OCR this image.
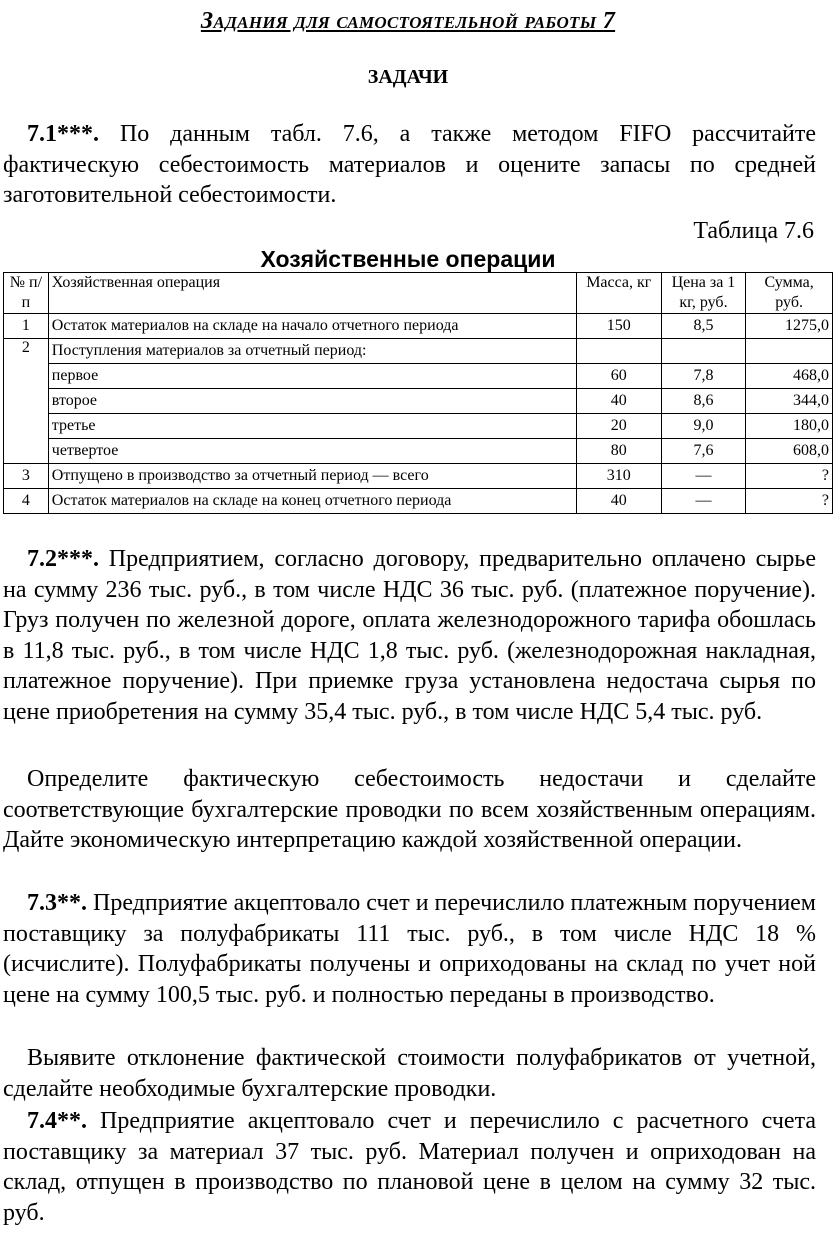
Задания для самостоятельной работы 7
ЗАДАЧИ

7.1***. По данным табл. 7.6, а также методом FIFO рассчитайте фактическую себестоимость материалов и оцените запасы по средней заготовительной себестоимости.

Таблица 7.6
Хозяйственные операции
№ п/п	Хозяйственная операция	Масса, кг	Цена за 1 кг, руб.	Сумма, руб.
1	Остаток материалов на складе на начало отчетного периода	150	8,5	1275,0
2	Поступления материалов за отчетный период:			
	первое	60	7,8	468,0
	второе	40	8,6	344,0
	третье	20	9,0	180,0
	четвертое	80	7,6	608,0
3	Отпущено в производство за отчетный период — всего	310	—	?
4	Остаток материалов на складе на конец отчетного периода	40	—	?

7.2***. Предприятием, согласно договору, предварительно оплачено сырье на сумму 236 тыс. руб., в том числе НДС 36 тыс. руб. (платежное поручение). Груз получен по железной дороге, оплата железнодорожного тарифа обошлась в 11,8 тыс. руб., в том числе НДС 1,8 тыс. руб. (железнодорожная накладная, платежное поручение). При приемке груза установлена недостача сырья по цене приобретения на сумму 35,4 тыс. руб., в том числе НДС 5,4 тыс. руб.

Определите фактическую себестоимость недостачи и сделайте соответствующие бухгалтерские проводки по всем хозяйственным операциям. Дайте экономическую интерпретацию каждой хозяйственной операции.

7.3**. Предприятие акцептовало счет и перечислило платежным поручением поставщику за полуфабрикаты 111 тыс. руб., в том числе НДС 18 % (исчислите). Полуфабрикаты получены и оприходованы на склад по учет ной цене на сумму 100,5 тыс. руб. и полностью переданы в производство.

Выявите отклонение фактической стоимости полуфабрикатов от учетной, сделайте необходимые бухгалтерские проводки.

7.4**. Предприятие акцептовало счет и перечислило с расчетного счета поставщику за материал 37 тыс. руб. Материал получен и оприходован на склад, отпущен в производство по плановой цене в целом на сумму 32 тыс. руб.
